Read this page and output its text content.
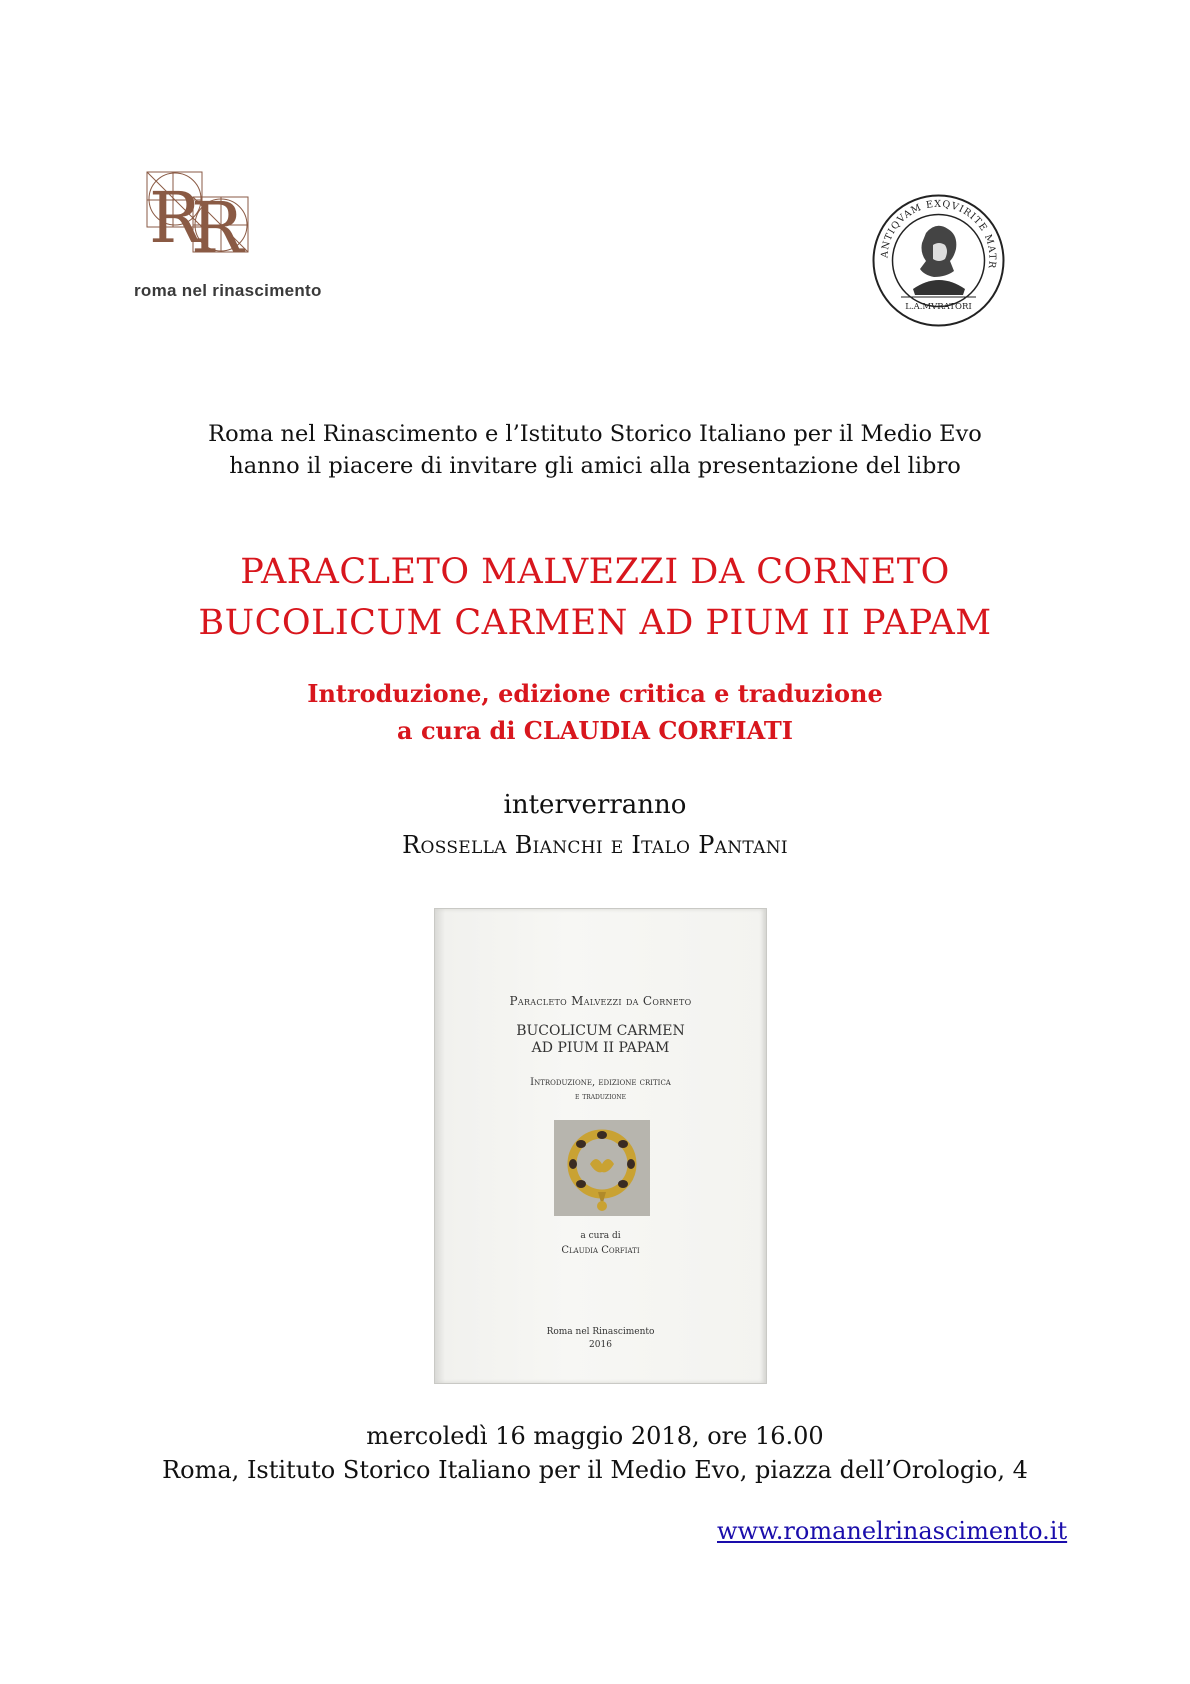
R
R
roma nel rinascimento
ANTIQVAM EXQVIRITE MATR
L.A.MVRATORI
Roma nel Rinascimento e l’Istituto Storico Italiano per il Medio Evo
hanno il piacere di invitare gli amici alla presentazione del libro
PARACLETO MALVEZZI DA CORNETO
BUCOLICUM CARMEN AD PIUM II PAPAM
Introduzione, edizione critica e traduzione
a cura di CLAUDIA CORFIATI
interverranno
Rossella Bianchi e Italo Pantani
Paracleto Malvezzi da Corneto
BUCOLICUM CARMEN
AD PIUM II PAPAM
Introduzione, edizione critica
e traduzione
a cura di
Claudia Corfiati
Roma nel Rinascimento
2016
mercoledì 16 maggio 2018, ore 16.00
Roma, Istituto Storico Italiano per il Medio Evo, piazza dell’Orologio, 4
www.romanelrinascimento.it
